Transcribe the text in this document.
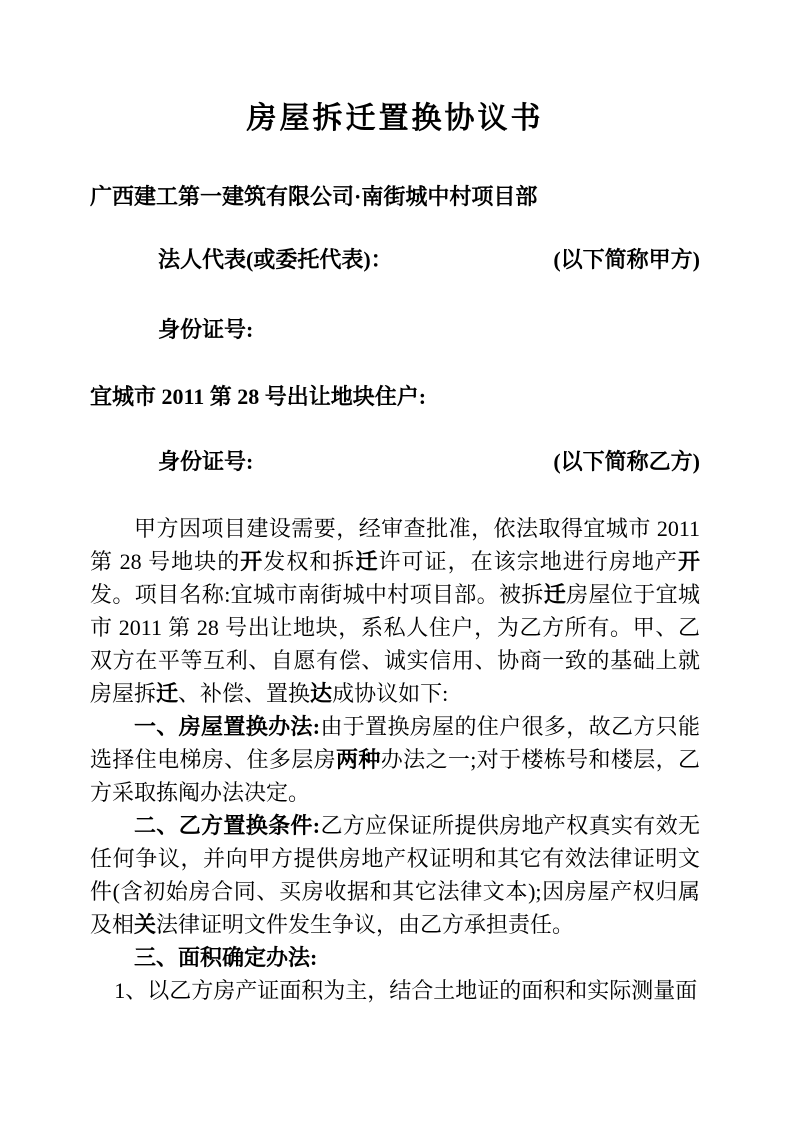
房屋拆迁置换协议书
广西建工第一建筑有限公司·南街城中村项目部
法人代表(或委托代表)：	(以下简称甲方)
身份证号:
宜城市 2011 第 28 号出让地块住户:
身份证号:	(以下简称乙方)

甲方因项目建设需要，经审查批准，依法取得宜城市 2011 第 28 号地块的开发权和拆迁许可证，在该宗地进行房地产开发。项目名称:宜城市南街城中村项目部。被拆迁房屋位于宜城市 2011 第 28 号出让地块，系私人住户，为乙方所有。甲、乙双方在平等互利、自愿有偿、诚实信用、协商一致的基础上就房屋拆迁、补偿、置换达成协议如下:

一、房屋置换办法:由于置换房屋的住户很多，故乙方只能选择住电梯房、住多层房两种办法之一;对于楼栋号和楼层，乙方采取拣阄办法决定。

二、乙方置换条件:乙方应保证所提供房地产权真实有效无任何争议，并向甲方提供房地产权证明和其它有效法律证明文件(含初始房合同、买房收据和其它法律文本);因房屋产权归属及相关法律证明文件发生争议，由乙方承担责任。

三、面积确定办法:

1、以乙方房产证面积为主，结合土地证的面积和实际测量面
